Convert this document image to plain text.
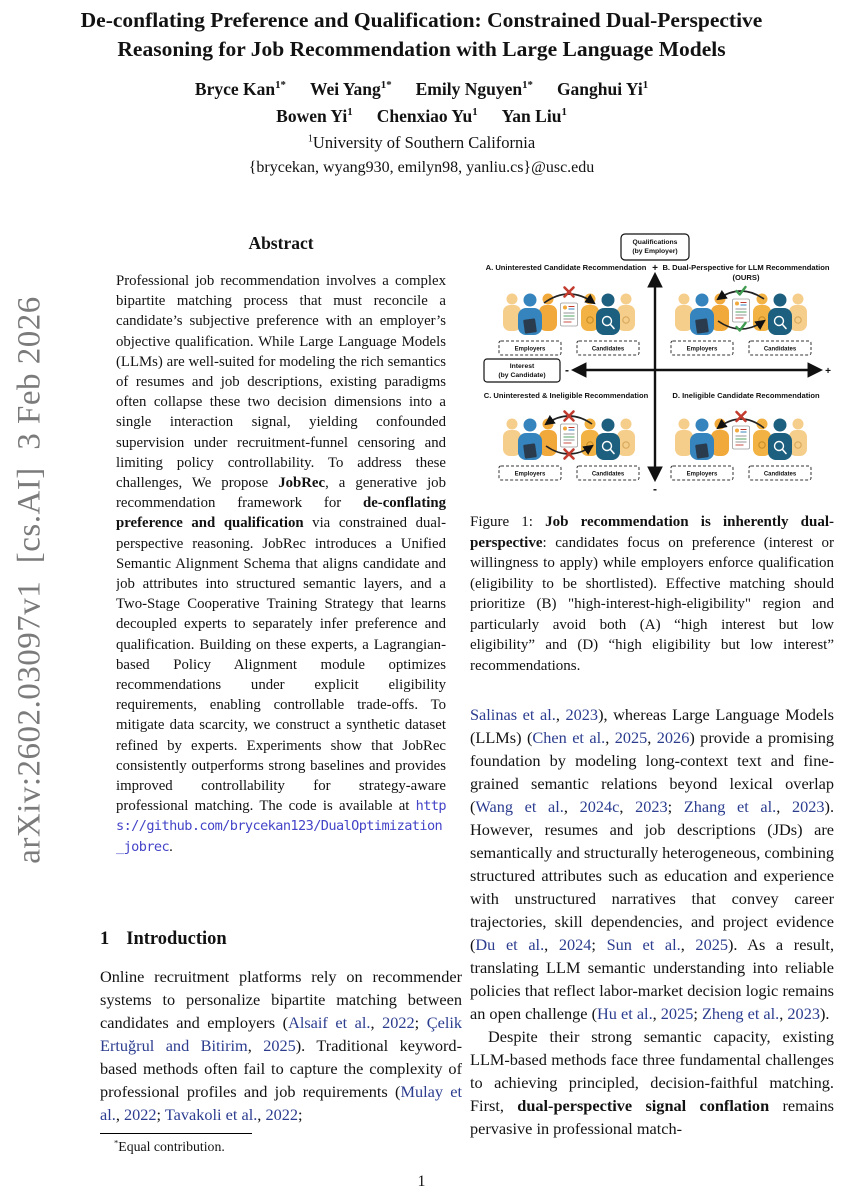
arXiv:2602.03097v1  [cs.AI]  3 Feb 2026
De-conflating Preference and Qualification: Constrained Dual-Perspective
Reasoning for Job Recommendation with Large Language Models
Bryce Kan$^{1*}$ Wei Yang$^{1*}$ Emily Nguyen$^{1*}$ Ganghui Yi$^1$
Bowen Yi$^1$ Chenxiao Yu$^1$ Yan Liu$^1$
$^1$University of Southern California
{brycekan, wyang930, emilyn98, yanliu.cs}@usc.edu
Abstract
Professional job recommendation involves a complex bipartite matching process that must reconcile a candidate’s subjective preference with an employer’s objective qualification. While Large Language Models (LLMs) are well-suited for modeling the rich semantics of resumes and job descriptions, existing paradigms often collapse these two decision dimensions into a single interaction signal, yielding confounded supervision under recruitment-funnel censoring and limiting policy controllability. To address these challenges, We propose JobRec, a generative job recommendation framework for de-conflating preference and qualification via constrained dual-perspective reasoning. JobRec introduces a Unified Semantic Alignment Schema that aligns candidate and job attributes into structured semantic layers, and a Two-Stage Cooperative Training Strategy that learns decoupled experts to separately infer preference and qualification. Building on these experts, a Lagrangian-based Policy Alignment module optimizes recommendations under explicit eligibility requirements, enabling controllable trade-offs. To mitigate data scarcity, we construct a synthetic dataset refined by experts. Experiments show that JobRec consistently outperforms strong baselines and provides improved controllability for strategy-aware professional matching. The code is available at https://github.com/brycekan123/DualOptimization_jobrec.
1 Introduction
Online recruitment platforms rely on recommender systems to personalize bipartite matching between candidates and employers (Alsaif et al., 2022; Çelik Ertuğrul and Bitirim, 2025). Traditional keyword-based methods often fail to capture the complexity of professional profiles and job requirements (Mulay et al., 2022; Tavakoli et al., 2022;
*Equal contribution.
Qualifications
(by Employer)
+
-
Interest
(by Candidate) -	+
A. Uninterested Candidate Recommendation B. Dual-Perspective for LLM Recommendation
(OURS)
C. Uninterested & Ineligible Recommendation	D. Ineligible Candidate Recommendation
Employers	Candidates	Employers	Candidates
Employers	Candidates	Employers	Candidates
Figure 1: Job recommendation is inherently dual-perspective: candidates focus on preference (interest or willingness to apply) while employers enforce qualification (eligibility to be shortlisted). Effective matching should prioritize (B) "high-interest-high-eligibility" region and particularly avoid both (A) “high interest but low eligibility” and (D) “high eligibility but low interest” recommendations.

Salinas et al., 2023), whereas Large Language Models (LLMs) (Chen et al., 2025, 2026) provide a promising foundation by modeling long-context text and fine-grained semantic relations beyond lexical overlap (Wang et al., 2024c, 2023; Zhang et al., 2023). However, resumes and job descriptions (JDs) are semantically and structurally heterogeneous, combining structured attributes such as education and experience with unstructured narratives that convey career trajectories, skill dependencies, and project evidence (Du et al., 2024; Sun et al., 2025). As a result, translating LLM semantic understanding into reliable policies that reflect labor-market decision logic remains an open challenge (Hu et al., 2025; Zheng et al., 2023).

Despite their strong semantic capacity, existing LLM-based methods face three fundamental challenges to achieving principled, decision-faithful matching. First, dual-perspective signal conflation remains pervasive in professional match-

1
